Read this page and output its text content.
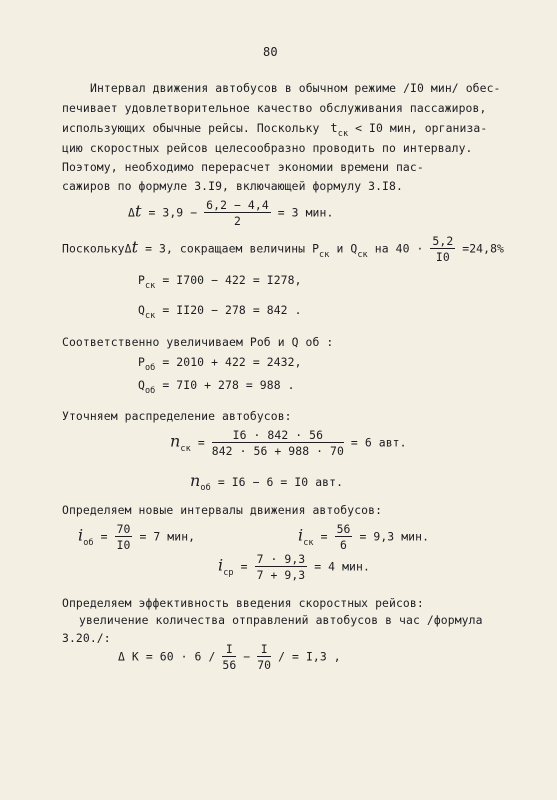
80
Интервал движения автобусов в обычном режиме /I0 мин/ обес-
печивает удовлетворительное качество обслуживания пассажиров,
использующих обычные рейсы. Поскольку $t_{ск} < I0$ мин, организа-
цию скоростных рейсов целесообразно проводить по интервалу.
Поэтому, необходимо перерасчет экономии времени пас-
сажиров по формуле 3.I9, включающей формулу 3.I8.
$\Delta t = 3,9 - \frac{6,2 - 4,4}{2} = 3$ мин.
ПосколькуΔt = 3, сокращаем величины $P_{ск}$ и $Q_{ск}$ на $40 \cdot \frac{5,2}{I0} =24,8\%$
$P_{ск} = I700 - 422 = I278$,
$Q_{ск} = II20 - 278 = 842$ .
Соответственно увеличиваем Роб и Q об :
$P_{об} = 2010 + 422 = 2432$,
$Q_{об} = 7I0 + 278 = 988$ .
Уточняем распределение автобусов:
$n_{ск} = \frac{I6 \cdot 842 \cdot 56}{842 \cdot 56 + 988 \cdot 70} = 6$ авт.
$n_{об} = I6 - 6 = I0$ авт.
Определяем новые интервалы движения автобусов:
$i_{об} = \frac{70}{I0} = 7$ мин,	$i_{ск} = \frac{56}{6} = 9,3$ мин.
$i_{ср} = \frac{7 \cdot 9,3}{7 + 9,3} = 4$ мин.
Определяем эффективность введения скоростных рейсов:
увеличение количества отправлений автобусов в час /формула
3.20./:
Δ $К = 60 \cdot 6 / \frac{I}{56} - \frac{I}{70}$ / = I,3 ,
